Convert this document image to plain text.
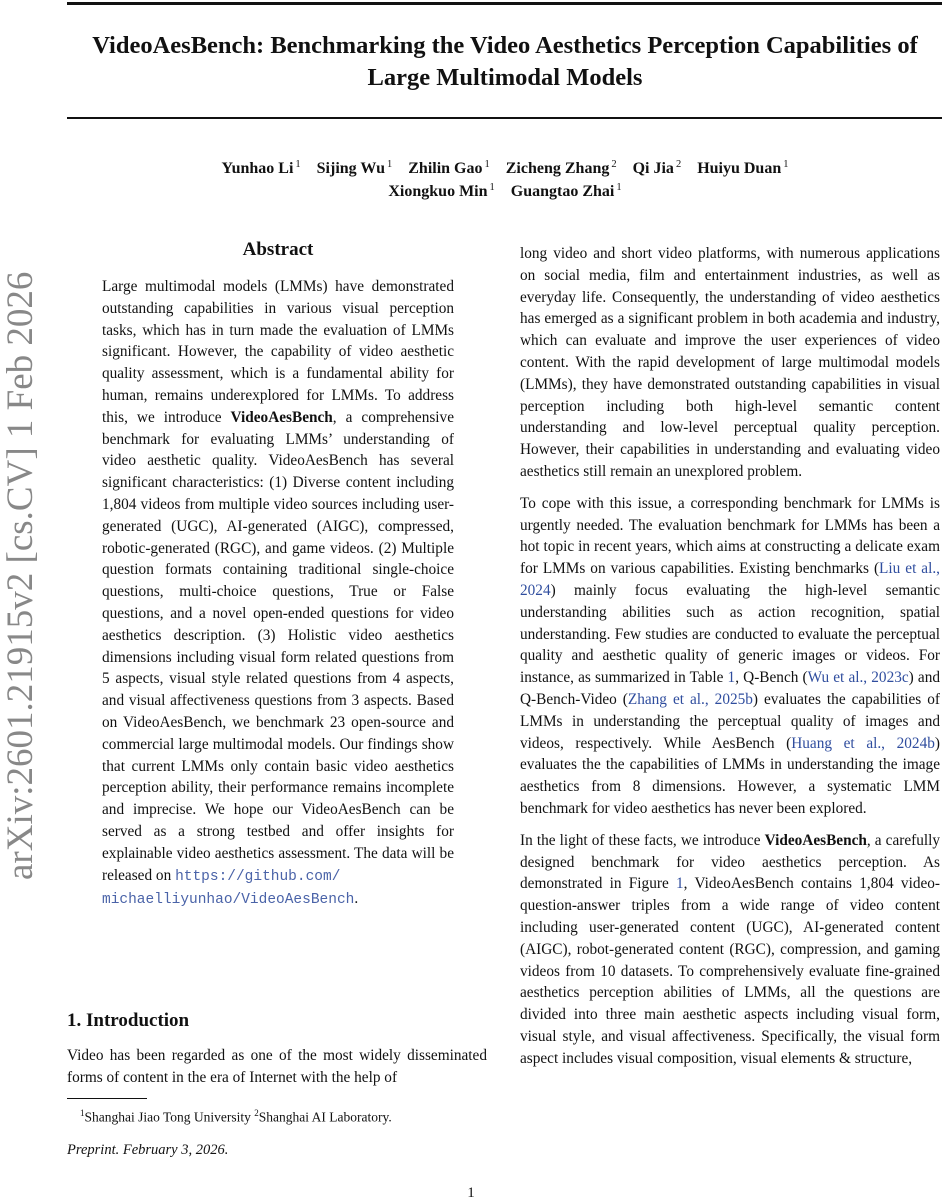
VideoAesBench: Benchmarking the Video Aesthetics Perception Capabilities of
Large Multimodal Models
Yunhao Li $^1$ Sijing Wu $^1$ Zhilin Gao $^1$ Zicheng Zhang $^2$ Qi Jia $^2$ Huiyu Duan $^1$
Xiongkuo Min $^1$ Guangtao Zhai $^1$
arXiv:2601.21915v2 [cs.CV] 1 Feb 2026
Abstract
Large multimodal models (LMMs) have demonstrated outstanding capabilities in various visual perception tasks, which has in turn made the evaluation of LMMs significant. However, the capability of video aesthetic quality assessment, which is a fundamental ability for human, remains underexplored for LMMs. To address this, we introduce VideoAesBench, a comprehensive benchmark for evaluating LMMs’ understanding of video aesthetic quality. VideoAesBench has several significant characteristics: (1) Diverse content including 1,804 videos from multiple video sources including user-generated (UGC), AI-generated (AIGC), compressed, robotic-generated (RGC), and game videos. (2) Multiple question formats containing traditional single-choice questions, multi-choice questions, True or False questions, and a novel open-ended questions for video aesthetics description. (3) Holistic video aesthetics dimensions including visual form related questions from 5 aspects, visual style related questions from 4 aspects, and visual affectiveness questions from 3 aspects. Based on VideoAesBench, we benchmark 23 open-source and commercial large multimodal models. Our findings show that current LMMs only contain basic video aesthetics perception ability, their performance remains incomplete and imprecise. We hope our VideoAesBench can be served as a strong testbed and offer insights for explainable video aesthetics assessment. The data will be released on https://github.com/
michaelliyunhao/VideoAesBench.
1. Introduction
Video has been regarded as one of the most widely disseminated forms of content in the era of Internet with the help of
$^1$Shanghai Jiao Tong University $^2$Shanghai AI Laboratory.
Preprint. February 3, 2026.

long video and short video platforms, with numerous applications on social media, film and entertainment industries, as well as everyday life. Consequently, the understanding of video aesthetics has emerged as a significant problem in both academia and industry, which can evaluate and improve the user experiences of video content. With the rapid development of large multimodal models (LMMs), they have demonstrated outstanding capabilities in visual perception including both high-level semantic content understanding and low-level perceptual quality perception. However, their capabilities in understanding and evaluating video aesthetics still remain an unexplored problem.

To cope with this issue, a corresponding benchmark for LMMs is urgently needed. The evaluation benchmark for LMMs has been a hot topic in recent years, which aims at constructing a delicate exam for LMMs on various capabilities. Existing benchmarks (Liu et al., 2024) mainly focus evaluating the high-level semantic understanding abilities such as action recognition, spatial understanding. Few studies are conducted to evaluate the perceptual quality and aesthetic quality of generic images or videos. For instance, as summarized in Table 1, Q-Bench (Wu et al., 2023c) and Q-Bench-Video (Zhang et al., 2025b) evaluates the capabilities of LMMs in understanding the perceptual quality of images and videos, respectively. While AesBench (Huang et al., 2024b) evaluates the the capabilities of LMMs in understanding the image aesthetics from 8 dimensions. However, a systematic LMM benchmark for video aesthetics has never been explored.

In the light of these facts, we introduce VideoAesBench, a carefully designed benchmark for video aesthetics perception. As demonstrated in Figure 1, VideoAesBench contains 1,804 video-question-answer triples from a wide range of video content including user-generated content (UGC), AI-generated content (AIGC), robot-generated content (RGC), compression, and gaming videos from 10 datasets. To comprehensively evaluate fine-grained aesthetics perception abilities of LMMs, all the questions are divided into three main aesthetic aspects including visual form, visual style, and visual affectiveness. Specifically, the visual form aspect includes visual composition, visual elements & structure,

1
